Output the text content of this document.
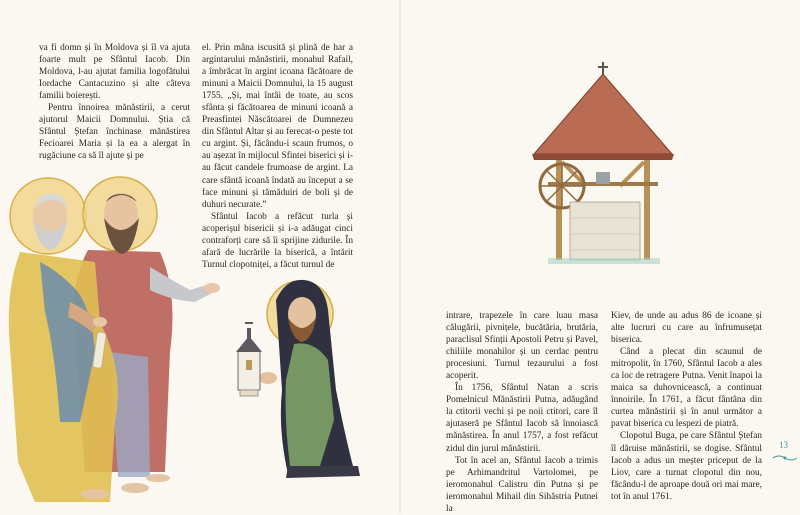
va fi domn și în Moldova și îl va ajuta foarte mult pe Sfântul Iacob. Din Moldova, l-au ajutat familia logofătului Iordache Cantacuzino și alte câteva familii boierești.

Pentru înnoirea mănăstirii, a cerut ajutorul Maicii Domnului. Știa că Sfântul Ștefan închinase mănăstirea Fecioarei Maria și la ea a alergat în rugăciune ca să îl ajute și pe

el. Prin mâna iscusită și plină de har a argintarului mănăstirii, monahul Rafail, a îmbrăcat în argint icoana făcătoare de minuni a Maicii Domnului, la 15 august 1755. „Și, mai întâi de toate, au scos sfânta și făcătoarea de minuni icoană a Preasfintei Născătoarei de Dumnezeu din Sfântul Altar și au ferecat-o peste tot cu argint. Și, făcându-i scaun frumos, o au așezat în mijlocul Sfintei biserici și i-au făcut candele frumoase de argint. La care sfântă icoană îndată au început a se face minuni și tămăduiri de boli și de duhuri necurate.”

Sfântul Iacob a refăcut turla și acoperișul bisericii și i-a adăugat cinci contraforți care să îi sprijine zidurile. În afară de lucrările la biserică, a întărit Turnul clopotniței, a făcut turnul de

intrare, trapezele în care luau masa călugării, pivnițele, bucătăria, brutăria, paraclisul Sfinții Apostoli Petru și Pavel, chiliile monahilor și un cerdac pentru procesiuni. Turnul tezaurului a fost acoperit.

În 1756, Sfântul Natan a scris Pomelnicul Mănăstirii Putna, adăugând la ctitorii vechi și pe noii ctitori, care îl ajutaseră pe Sfântul Iacob să înnoiască mănăstirea. În anul 1757, a fost refăcut zidul din jurul mănăstirii.

Tot în acel an, Sfântul Iacob a trimis pe Arhimandritul Vartolomei, pe ieromonahul Calistru din Putna și pe ieromonahul Mihail din Sihăstria Putnei la

Kiev, de unde au adus 86 de icoane și alte lucruri cu care au înfrumusețat biserica.

Când a plecat din scaunul de mitropolit, în 1760, Sfântul Iacob a ales ca loc de retragere Putna. Venit înapoi la maica sa duhovnicească, a continuat înnoirile. În 1761, a făcut fântâna din curtea mănăstirii și în anul următor a pavat biserica cu lespezi de piatră.

Clopotul Buga, pe care Sfântul Ștefan îl dăruise mănăstirii, se dogise. Sfântul Iacob a adus un meșter priceput de la Liov, care a turnat clopotul din nou, făcându-l de aproape două ori mai mare, tot în anul 1761.

13
